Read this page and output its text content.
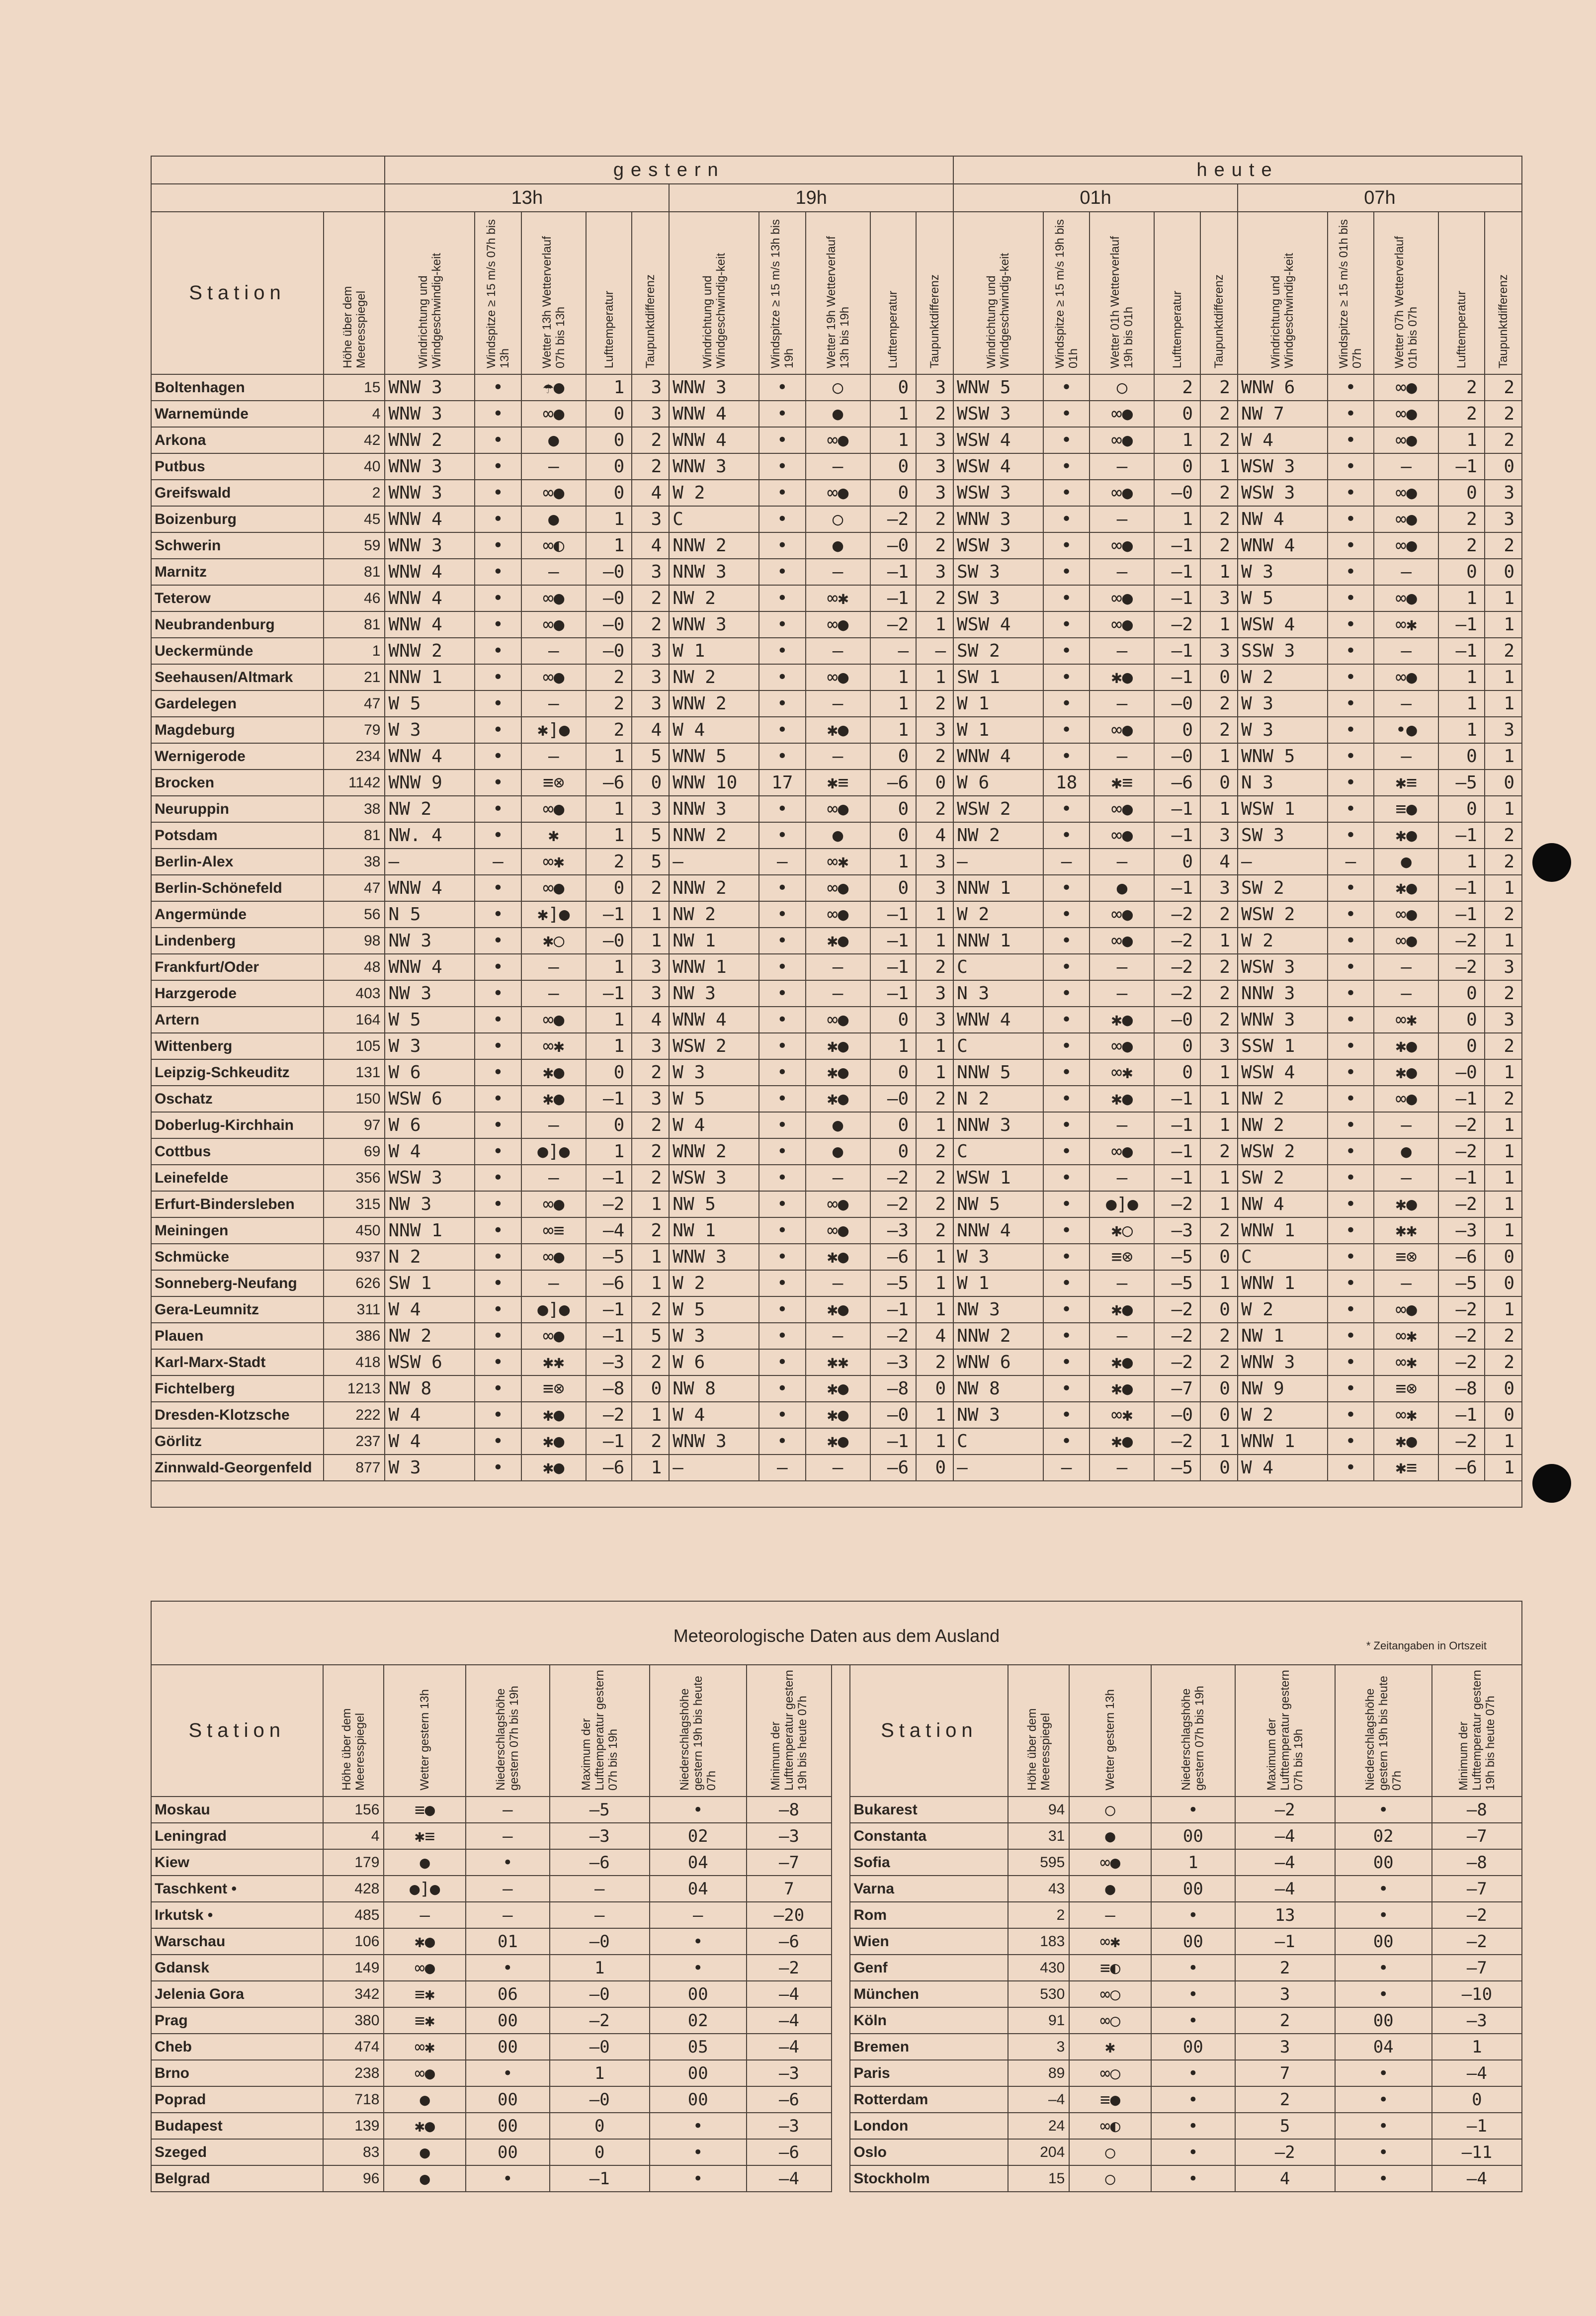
		gestern										heute									
		13h					19h					01h					07h				
Station	Höhe über dem Meeresspiegel	Windrichtung und Windgeschwindig-keit	Windspitze ≥ 15 m/s 07h bis 13h	Wetter 13h Wetterverlauf 07h bis 13h	Lufttemperatur	Taupunktdifferenz	Windrichtung und Windgeschwindig-keit	Windspitze ≥ 15 m/s 13h bis 19h	Wetter 19h Wetterverlauf 13h bis 19h	Lufttemperatur	Taupunktdifferenz	Windrichtung und Windgeschwindig-keit	Windspitze ≥ 15 m/s 19h bis 01h	Wetter 01h Wetterverlauf 19h bis 01h	Lufttemperatur	Taupunktdifferenz	Windrichtung und Windgeschwindig-keit	Windspitze ≥ 15 m/s 01h bis 07h	Wetter 07h Wetterverlauf 01h bis 07h	Lufttemperatur	Taupunktdifferenz
Boltenhagen	15	WNW 3	•	☂●	1	3	WNW 3	•	○	0	3	WNW 5	•	○	2	2	WNW 6	•	∞●	2	2
Warnemünde	4	WNW 3	•	∞●	0	3	WNW 4	•	●	1	2	WSW 3	•	∞●	0	2	NW 7	•	∞●	2	2
Arkona	42	WNW 2	•	●	0	2	WNW 4	•	∞●	1	3	WSW 4	•	∞●	1	2	W 4	•	∞●	1	2
Putbus	40	WNW 3	•	–	0	2	WNW 3	•	–	0	3	WSW 4	•	–	0	1	WSW 3	•	–	–1	0
Greifswald	2	WNW 3	•	∞●	0	4	W 2	•	∞●	0	3	WSW 3	•	∞●	–0	2	WSW 3	•	∞●	0	3
Boizenburg	45	WNW 4	•	●	1	3	C	•	○	–2	2	WNW 3	•	–	1	2	NW 4	•	∞●	2	3
Schwerin	59	WNW 3	•	∞◐	1	4	NNW 2	•	●	–0	2	WSW 3	•	∞●	–1	2	WNW 4	•	∞●	2	2
Marnitz	81	WNW 4	•	–	–0	3	NNW 3	•	–	–1	3	SW 3	•	–	–1	1	W 3	•	–	0	0
Teterow	46	WNW 4	•	∞●	–0	2	NW 2	•	∞✱	–1	2	SW 3	•	∞●	–1	3	W 5	•	∞●	1	1
Neubrandenburg	81	WNW 4	•	∞●	–0	2	WNW 3	•	∞●	–2	1	WSW 4	•	∞●	–2	1	WSW 4	•	∞✱	–1	1
Ueckermünde	1	WNW 2	•	–	–0	3	W 1	•	–	–	–	SW 2	•	–	–1	3	SSW 3	•	–	–1	2
Seehausen/Altmark	21	NNW 1	•	∞●	2	3	NW 2	•	∞●	1	1	SW 1	•	✱●	–1	0	W 2	•	∞●	1	1
Gardelegen	47	W 5	•	–	2	3	WNW 2	•	–	1	2	W 1	•	–	–0	2	W 3	•	–	1	1
Magdeburg	79	W 3	•	✱]●	2	4	W 4	•	✱●	1	3	W 1	•	∞●	0	2	W 3	•	•●	1	3
Wernigerode	234	WNW 4	•	–	1	5	WNW 5	•	–	0	2	WNW 4	•	–	–0	1	WNW 5	•	–	0	1
Brocken	1142	WNW 9	•	≡⊗	–6	0	WNW 10	17	✱≡	–6	0	W 6	18	✱≡	–6	0	N 3	•	✱≡	–5	0
Neuruppin	38	NW 2	•	∞●	1	3	NNW 3	•	∞●	0	2	WSW 2	•	∞●	–1	1	WSW 1	•	≡●	0	1
Potsdam	81	NW. 4	•	✱	1	5	NNW 2	•	●	0	4	NW 2	•	∞●	–1	3	SW 3	•	✱●	–1	2
Berlin-Alex	38	–	–	∞✱	2	5	–	–	∞✱	1	3	–	–	–	0	4	–	–	●	1	2
Berlin-Schönefeld	47	WNW 4	•	∞●	0	2	NNW 2	•	∞●	0	3	NNW 1	•	●	–1	3	SW 2	•	✱●	–1	1
Angermünde	56	N 5	•	✱]●	–1	1	NW 2	•	∞●	–1	1	W 2	•	∞●	–2	2	WSW 2	•	∞●	–1	2
Lindenberg	98	NW 3	•	✱○	–0	1	NW 1	•	✱●	–1	1	NNW 1	•	∞●	–2	1	W 2	•	∞●	–2	1
Frankfurt/Oder	48	WNW 4	•	–	1	3	WNW 1	•	–	–1	2	C	•	–	–2	2	WSW 3	•	–	–2	3
Harzgerode	403	NW 3	•	–	–1	3	NW 3	•	–	–1	3	N 3	•	–	–2	2	NNW 3	•	–	0	2
Artern	164	W 5	•	∞●	1	4	WNW 4	•	∞●	0	3	WNW 4	•	✱●	–0	2	WNW 3	•	∞✱	0	3
Wittenberg	105	W 3	•	∞✱	1	3	WSW 2	•	✱●	1	1	C	•	∞●	0	3	SSW 1	•	✱●	0	2
Leipzig-Schkeuditz	131	W 6	•	✱●	0	2	W 3	•	✱●	0	1	NNW 5	•	∞✱	0	1	WSW 4	•	✱●	–0	1
Oschatz	150	WSW 6	•	✱●	–1	3	W 5	•	✱●	–0	2	N 2	•	✱●	–1	1	NW 2	•	∞●	–1	2
Doberlug-Kirchhain	97	W 6	•	–	0	2	W 4	•	●	0	1	NNW 3	•	–	–1	1	NW 2	•	–	–2	1
Cottbus	69	W 4	•	●]●	1	2	WNW 2	•	●	0	2	C	•	∞●	–1	2	WSW 2	•	●	–2	1
Leinefelde	356	WSW 3	•	–	–1	2	WSW 3	•	–	–2	2	WSW 1	•	–	–1	1	SW 2	•	–	–1	1
Erfurt-Bindersleben	315	NW 3	•	∞●	–2	1	NW 5	•	∞●	–2	2	NW 5	•	●]●	–2	1	NW 4	•	✱●	–2	1
Meiningen	450	NNW 1	•	∞≡	–4	2	NW 1	•	∞●	–3	2	NNW 4	•	✱○	–3	2	WNW 1	•	✱✱	–3	1
Schmücke	937	N 2	•	∞●	–5	1	WNW 3	•	✱●	–6	1	W 3	•	≡⊗	–5	0	C	•	≡⊗	–6	0
Sonneberg-Neufang	626	SW 1	•	–	–6	1	W 2	•	–	–5	1	W 1	•	–	–5	1	WNW 1	•	–	–5	0
Gera-Leumnitz	311	W 4	•	●]●	–1	2	W 5	•	✱●	–1	1	NW 3	•	✱●	–2	0	W 2	•	∞●	–2	1
Plauen	386	NW 2	•	∞●	–1	5	W 3	•	–	–2	4	NNW 2	•	–	–2	2	NW 1	•	∞✱	–2	2
Karl-Marx-Stadt	418	WSW 6	•	✱✱	–3	2	W 6	•	✱✱	–3	2	WNW 6	•	✱●	–2	2	WNW 3	•	∞✱	–2	2
Fichtelberg	1213	NW 8	•	≡⊗	–8	0	NW 8	•	✱●	–8	0	NW 8	•	✱●	–7	0	NW 9	•	≡⊗	–8	0
Dresden-Klotzsche	222	W 4	•	✱●	–2	1	W 4	•	✱●	–0	1	NW 3	•	∞✱	–0	0	W 2	•	∞✱	–1	0
Görlitz	237	W 4	•	✱●	–1	2	WNW 3	•	✱●	–1	1	C	•	✱●	–2	1	WNW 1	•	✱●	–2	1
Zinnwald-Georgenfeld	877	W 3	•	✱●	–6	1	–	–	–	–6	0	–	–	–	–5	0	W 4	•	✱≡	–6	1

Meteorologische Daten aus dem Ausland * Zeitangaben in Ortszeit														

Station	Höhe über dem Meeresspiegel	Wetter gestern 13h	Niederschlagshöhe gestern 07h bis 19h	Maximum der Lufttemperatur gestern 07h bis 19h	Niederschlagshöhe gestern 19h bis heute 07h	Minimum der Lufttemperatur gestern 19h bis heute 07h		Station	Höhe über dem Meeresspiegel	Wetter gestern 13h	Niederschlagshöhe gestern 07h bis 19h	Maximum der Lufttemperatur gestern 07h bis 19h	Niederschlagshöhe gestern 19h bis heute 07h	Minimum der Lufttemperatur gestern 19h bis heute 07h
Moskau	156	≡●	–	–5	•	–8		Bukarest	94	○	•	–2	•	–8
Leningrad	4	✱≡	–	–3	02	–3		Constanta	31	●	00	–4	02	–7
Kiew	179	●	•	–6	04	–7		Sofia	595	∞●	1	–4	00	–8
Taschkent •	428	●]●	–	–	04	7		Varna	43	●	00	–4	•	–7
Irkutsk •	485	–	–	–	–	–20		Rom	2	–	•	13	•	–2
Warschau	106	✱●	01	–0	•	–6		Wien	183	∞✱	00	–1	00	–2
Gdansk	149	∞●	•	1	•	–2		Genf	430	≡◐	•	2	•	–7
Jelenia Gora	342	≡✱	06	–0	00	–4		München	530	∞○	•	3	•	–10
Prag	380	≡✱	00	–2	02	–4		Köln	91	∞○	•	2	00	–3
Cheb	474	∞✱	00	–0	05	–4		Bremen	3	✱	00	3	04	1
Brno	238	∞●	•	1	00	–3		Paris	89	∞○	•	7	•	–4
Poprad	718	●	00	–0	00	–6		Rotterdam	–4	≡●	•	2	•	0
Budapest	139	✱●	00	0	•	–3		London	24	∞◐	•	5	•	–1
Szeged	83	●	00	0	•	–6		Oslo	204	○	•	–2	•	–11
Belgrad	96	●	•	–1	•	–4		Stockholm	15	○	•	4	•	–4
